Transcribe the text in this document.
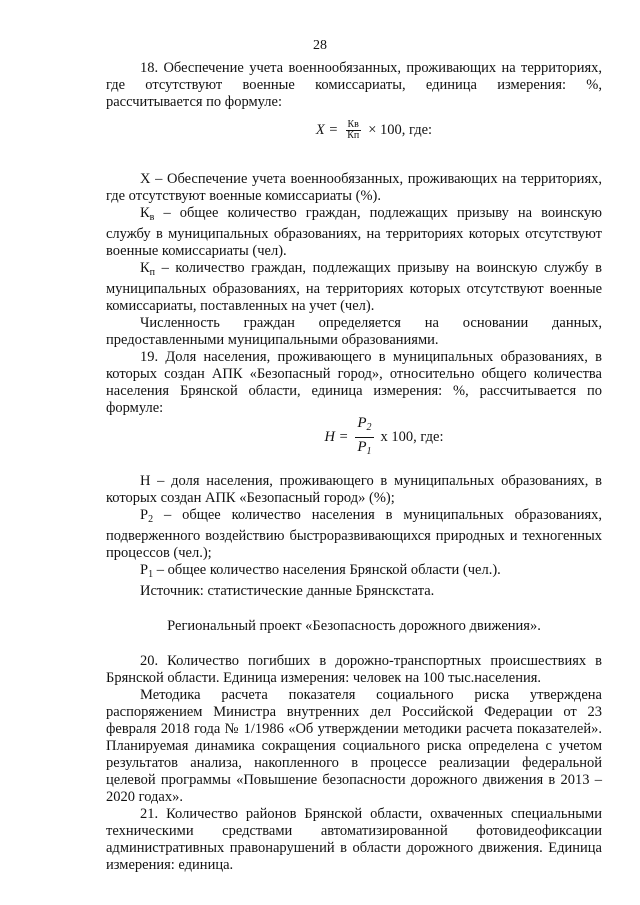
28

18. Обеспечение учета военнообязанных, проживающих на территориях, где отсутствуют военные комиссариаты, единица измерения: %, рассчитывается по формуле:

$X = \frac{Кв}{Кп} \times 100$, где:

X – Обеспечение учета военнообязанных, проживающих на территориях, где отсутствуют военные комиссариаты (%).

$К_в$ – общее количество граждан, подлежащих призыву на воинскую службу в муниципальных образованиях, на территориях которых отсутствуют военные комиссариаты (чел).

$К_п$ – количество граждан, подлежащих призыву на воинскую службу в муниципальных образованиях, на территориях которых отсутствуют военные комиссариаты, поставленных на учет (чел).

Численность граждан определяется на основании данных, предоставленными муниципальными образованиями.

19. Доля населения, проживающего в муниципальных образованиях, в которых создан АПК «Безопасный город», относительно общего количества населения Брянской области, единица измерения: %, рассчитывается по формуле:

$H = \frac{P_2}{P_1}$ x 100, где:

H – доля населения, проживающего в муниципальных образованиях, в которых создан АПК «Безопасный город» (%);

$Р_2$ – общее количество населения в муниципальных образованиях, подверженного воздействию быстроразвивающихся природных и техногенных процессов (чел.);

$Р_1$ – общее количество населения Брянской области (чел.).

Источник: статистические данные Брянскстата.

Региональный проект «Безопасность дорожного движения».

20. Количество погибших в дорожно-транспортных происшествиях в Брянской области. Единица измерения: человек на 100 тыс.населения.

Методика расчета показателя социального риска утверждена распоряжением Министра внутренних дел Российской Федерации от 23 февраля 2018 года № 1/1986 «Об утверждении методики расчета показателей». Планируемая динамика сокращения социального риска определена с учетом результатов анализа, накопленного в процессе реализации федеральной целевой программы «Повышение безопасности дорожного движения в 2013 – 2020 годах».

21. Количество районов Брянской области, охваченных специальными техническими средствами автоматизированной фотовидеофиксации административных правонарушений в области дорожного движения. Единица измерения: единица.
